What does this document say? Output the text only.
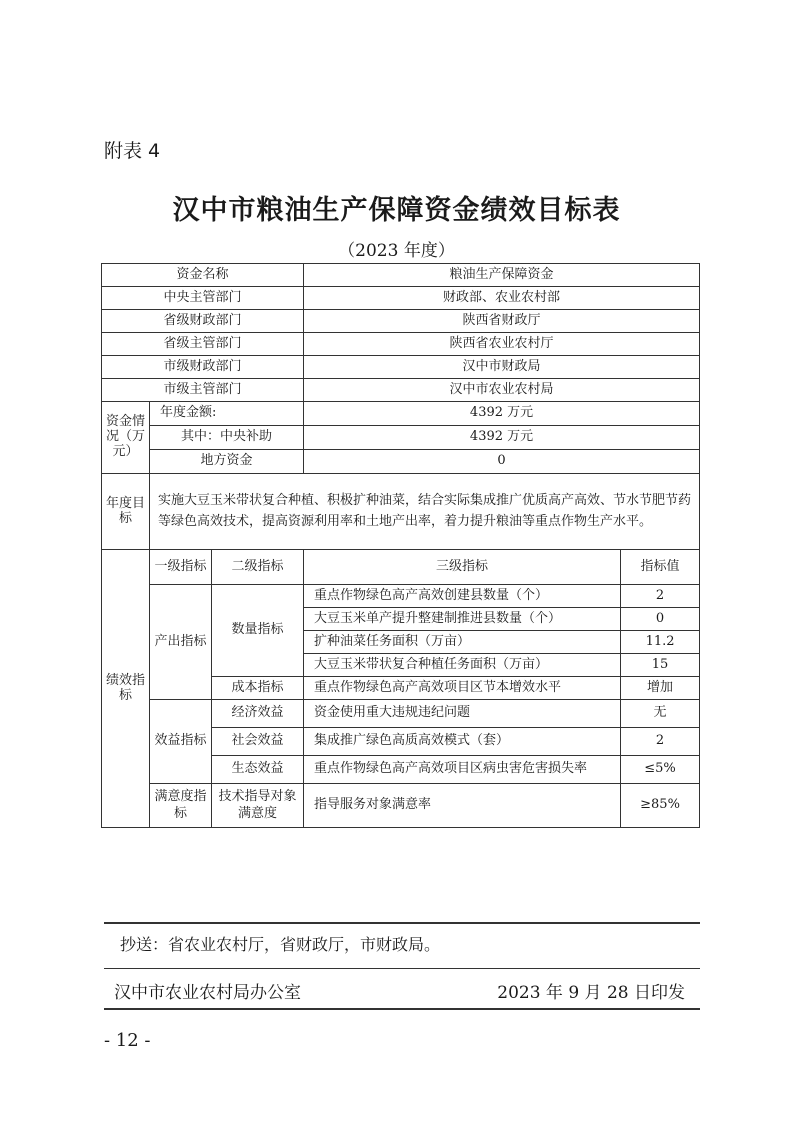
附表 4
汉中市粮油生产保障资金绩效目标表
（2023 年度）
资金名称			粮油生产保障资金	
中央主管部门			财政部、农业农村部	
省级财政部门			陕西省财政厅	
省级主管部门			陕西省农业农村厅	
市级财政部门			汉中市财政局	
市级主管部门			汉中市农业农村局	
资金情况（万元）	年度金额:		4392 万元	
	其中：中央补助		4392 万元	
	地方资金		0	
年度目标	实施大豆玉米带状复合种植、积极扩种油菜，结合实际集成推广优质高产高效、节水节肥节药等绿色高效技术，提高资源利用率和土地产出率，着力提升粮油等重点作物生产水平。			
绩效指标	一级指标	二级指标	三级指标	指标值
	产出指标	数量指标	重点作物绿色高产高效创建县数量（个）	2
			大豆玉米单产提升整建制推进县数量（个）	0
			扩种油菜任务面积（万亩）	11.2
			大豆玉米带状复合种植任务面积（万亩）	15
		成本指标	重点作物绿色高产高效项目区节本增效水平	增加
	效益指标	经济效益	资金使用重大违规违纪问题	无
		社会效益	集成推广绿色高质高效模式（套）	2
		生态效益	重点作物绿色高产高效项目区病虫害危害损失率	≤5%
	满意度指标	技术指导对象满意度	指导服务对象满意率	≥85%
抄送：省农业农村厅，省财政厅，市财政局。
汉中市农业农村局办公室	2023 年 9 月 28 日印发
- 12 -
